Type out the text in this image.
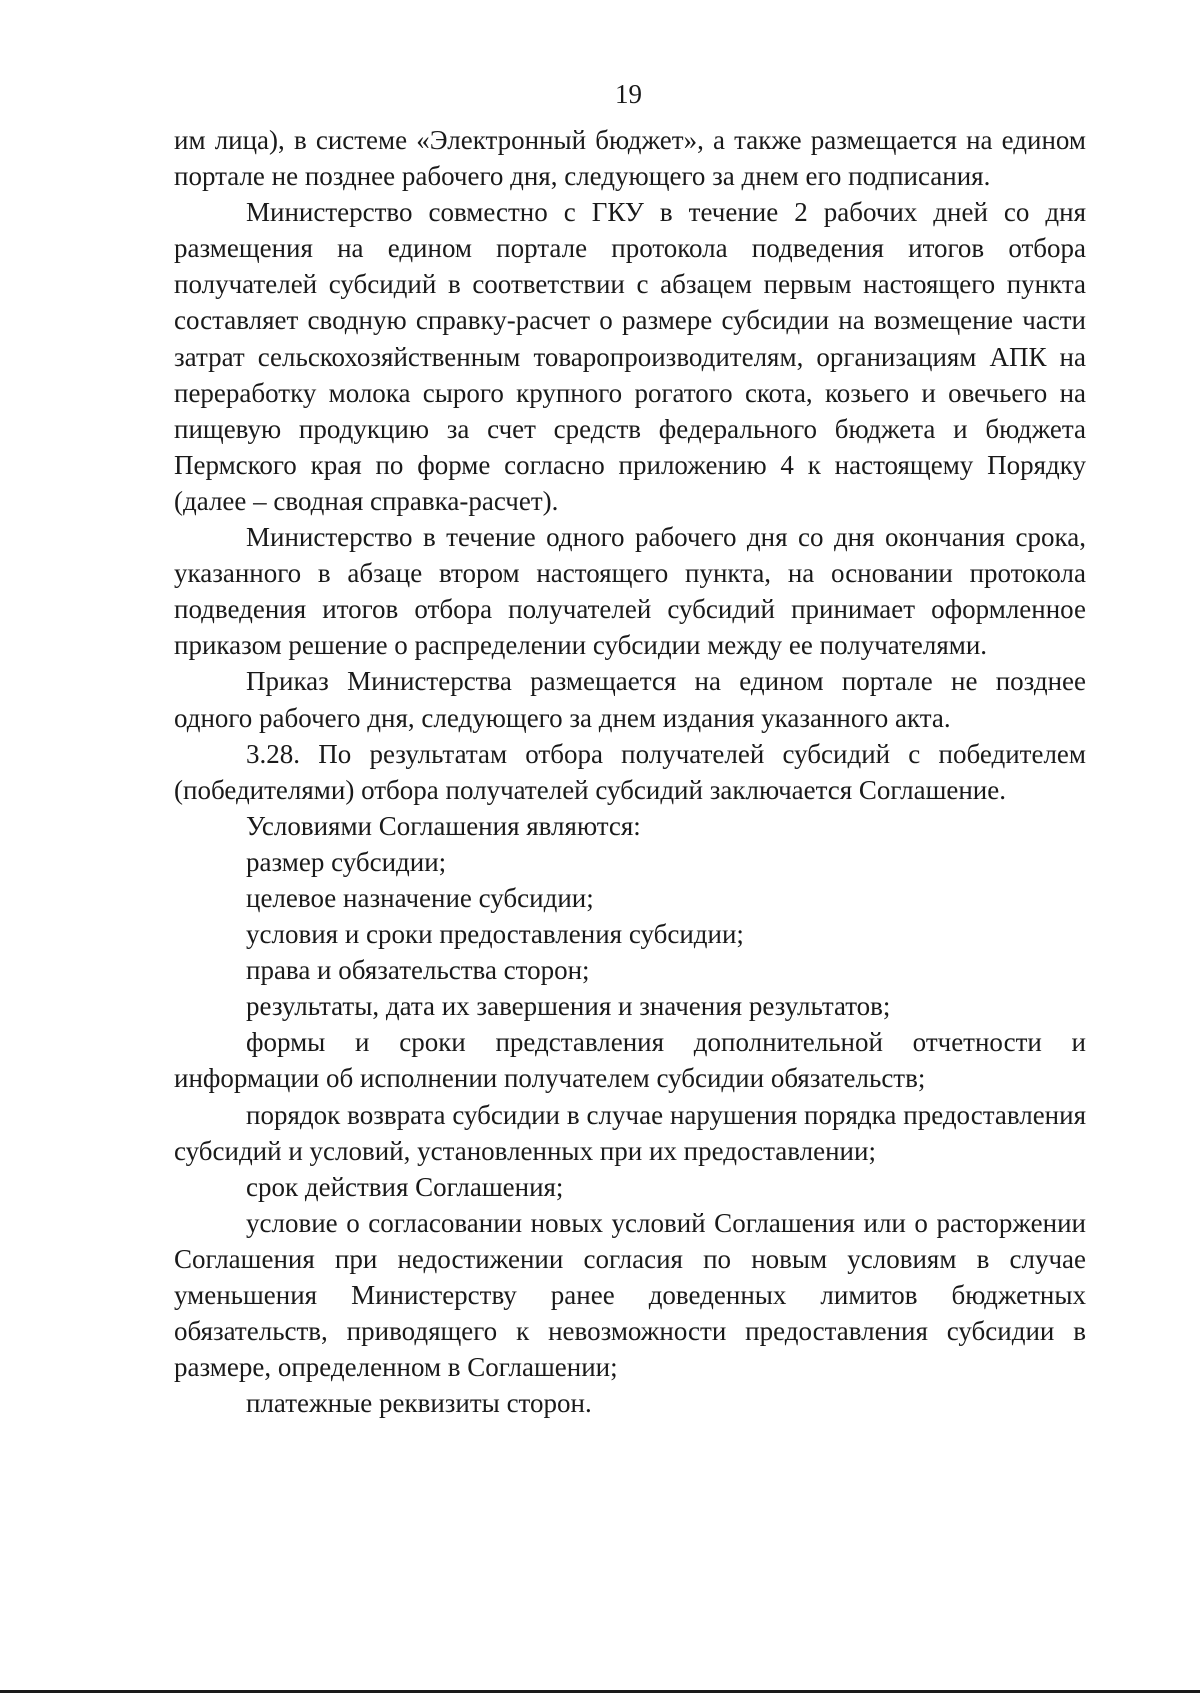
19

им лица), в системе «Электронный бюджет», а также размещается на едином портале не позднее рабочего дня, следующего за днем его подписания.

Министерство совместно с ГКУ в течение 2 рабочих дней со дня размещения на едином портале протокола подведения итогов отбора получателей субсидий в соответствии с абзацем первым настоящего пункта составляет сводную справку-расчет о размере субсидии на возмещение части затрат сельскохозяйственным товаропроизводителям, организациям АПК на переработку молока сырого крупного рогатого скота, козьего и овечьего на пищевую продукцию за счет средств федерального бюджета и бюджета Пермского края по форме согласно приложению 4 к настоящему Порядку (далее – сводная справка-расчет).

Министерство в течение одного рабочего дня со дня окончания срока, указанного в абзаце втором настоящего пункта, на основании протокола подведения итогов отбора получателей субсидий принимает оформленное приказом решение о распределении субсидии между ее получателями.

Приказ Министерства размещается на едином портале не позднее одного рабочего дня, следующего за днем издания указанного акта.

3.28. По результатам отбора получателей субсидий с победителем (победителями) отбора получателей субсидий заключается Соглашение.

Условиями Соглашения являются:

размер субсидии;

целевое назначение субсидии;

условия и сроки предоставления субсидии;

права и обязательства сторон;

результаты, дата их завершения и значения результатов;

формы и сроки представления дополнительной отчетности и информации об исполнении получателем субсидии обязательств;

порядок возврата субсидии в случае нарушения порядка предоставления субсидий и условий, установленных при их предоставлении;

срок действия Соглашения;

условие о согласовании новых условий Соглашения или о расторжении Соглашения при недостижении согласия по новым условиям в случае уменьшения Министерству ранее доведенных лимитов бюджетных обязательств, приводящего к невозможности предоставления субсидии в размере, определенном в Соглашении;

платежные реквизиты сторон.
